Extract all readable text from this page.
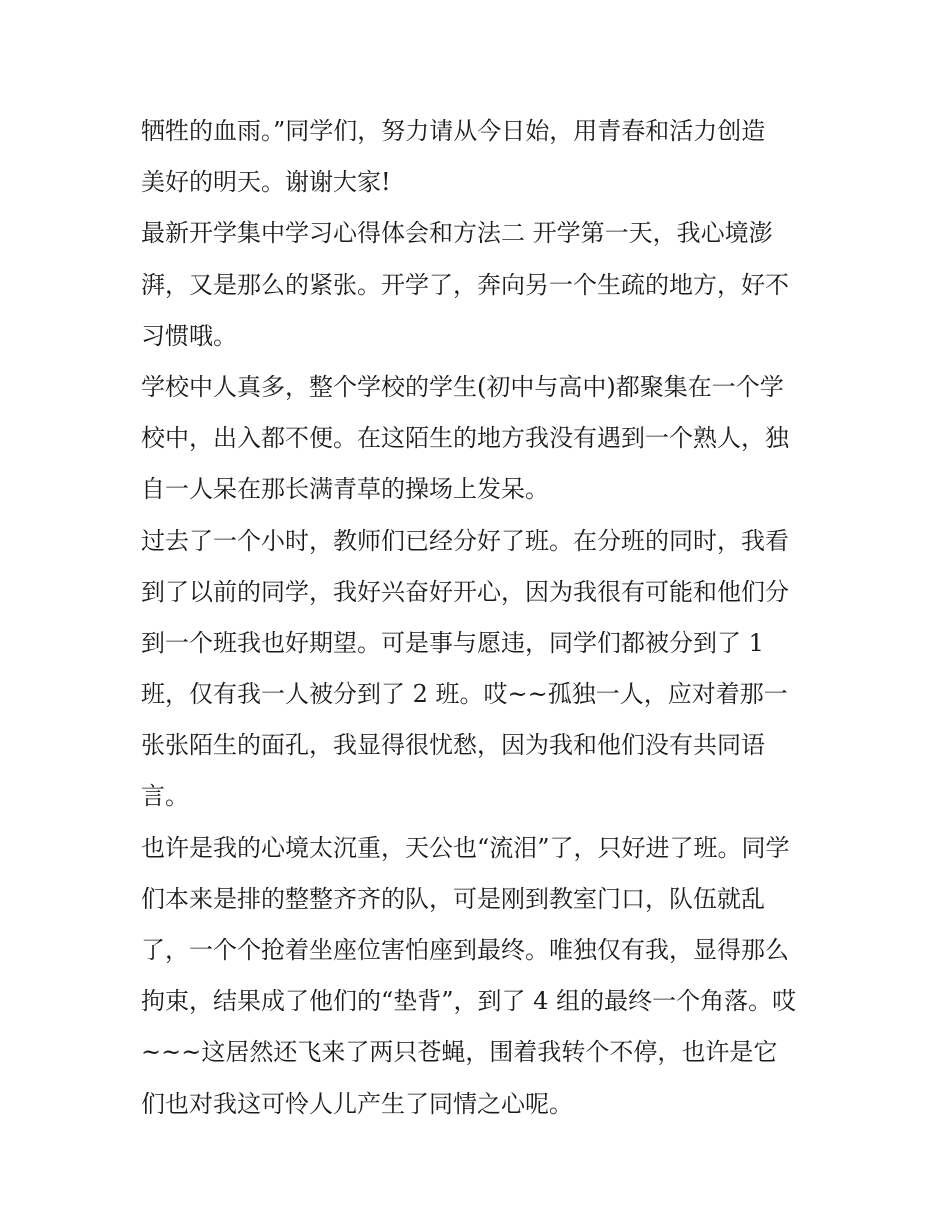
牺牲的血雨。”同学们，努力请从今日始，用青春和活力创造
美好的明天。谢谢大家!
最新开学集中学习心得体会和方法二 开学第一天，我心境澎
湃，又是那么的紧张。开学了，奔向另一个生疏的地方，好不
习惯哦。
学校中人真多，整个学校的学生(初中与高中)都聚集在一个学
校中，出入都不便。在这陌生的地方我没有遇到一个熟人，独
自一人呆在那长满青草的操场上发呆。
过去了一个小时，教师们已经分好了班。在分班的同时，我看
到了以前的同学，我好兴奋好开心，因为我很有可能和他们分
到一个班我也好期望。可是事与愿违，同学们都被分到了 1
班，仅有我一人被分到了 2 班。哎~~孤独一人，应对着那一
张张陌生的面孔，我显得很忧愁，因为我和他们没有共同语
言。
也许是我的心境太沉重，天公也“流泪”了，只好进了班。同学
们本来是排的整整齐齐的队，可是刚到教室门口，队伍就乱
了，一个个抢着坐座位害怕座到最终。唯独仅有我，显得那么
拘束，结果成了他们的“垫背”，到了 4 组的最终一个角落。哎
~~~这居然还飞来了两只苍蝇，围着我转个不停，也许是它
们也对我这可怜人儿产生了同情之心呢。
